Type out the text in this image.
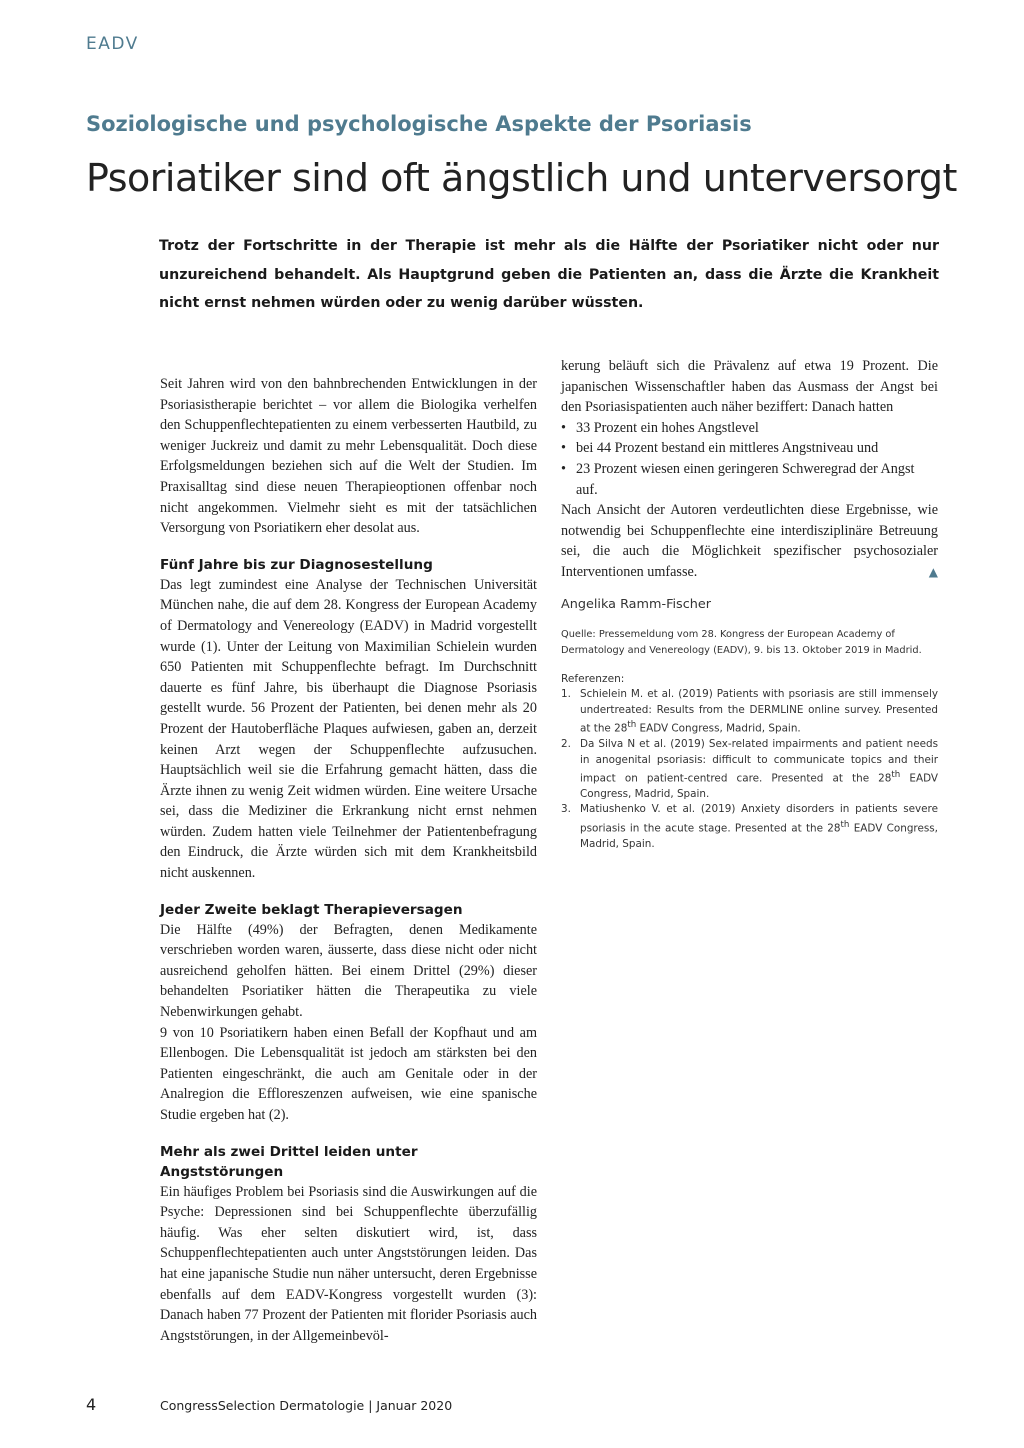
EADV
Soziologische und psychologische Aspekte der Psoriasis
Psoriatiker sind oft ängstlich und unterversorgt

Trotz der Fortschritte in der Therapie ist mehr als die Hälfte der Psoriatiker nicht oder nur unzureichend behandelt. Als Hauptgrund geben die Patienten an, dass die Ärzte die Krankheit nicht ernst nehmen würden oder zu wenig darüber wüssten.

Seit Jahren wird von den bahnbrechenden Entwicklungen in der Psoriasistherapie berichtet – vor allem die Biologika verhelfen den Schuppenflechtepatienten zu einem verbesserten Hautbild, zu weniger Juckreiz und damit zu mehr Lebensqualität. Doch diese Erfolgsmeldungen beziehen sich auf die Welt der Studien. Im Praxisalltag sind diese neuen Therapieoptionen offenbar noch nicht angekommen. Vielmehr sieht es mit der tatsächlichen Versorgung von Psoriatikern eher desolat aus.

Fünf Jahre bis zur Diagnosestellung

Das legt zumindest eine Analyse der Technischen Universität München nahe, die auf dem 28. Kongress der European Academy of Dermatology and Venereology (EADV) in Madrid vorgestellt wurde (1). Unter der Leitung von Maximilian Schielein wurden 650 Patienten mit Schuppenflechte befragt. Im Durchschnitt dauerte es fünf Jahre, bis überhaupt die Diagnose Psoriasis gestellt wurde. 56 Prozent der Patienten, bei denen mehr als 20 Prozent der Hautoberfläche Plaques aufwiesen, gaben an, derzeit keinen Arzt wegen der Schuppenflechte aufzusuchen. Hauptsächlich weil sie die Erfahrung gemacht hätten, dass die Ärzte ihnen zu wenig Zeit widmen würden. Eine weitere Ursache sei, dass die Mediziner die Erkrankung nicht ernst nehmen würden. Zudem hatten viele Teilnehmer der Patientenbefragung den Eindruck, die Ärzte würden sich mit dem Krankheitsbild nicht auskennen.

Jeder Zweite beklagt Therapieversagen

Die Hälfte (49%) der Befragten, denen Medikamente verschrieben worden waren, äusserte, dass diese nicht oder nicht ausreichend geholfen hätten. Bei einem Drittel (29%) dieser behandelten Psoriatiker hätten die Therapeutika zu viele Nebenwirkungen gehabt.

9 von 10 Psoriatikern haben einen Befall der Kopfhaut und am Ellenbogen. Die Lebensqualität ist jedoch am stärksten bei den Patienten eingeschränkt, die auch am Genitale oder in der Analregion die Effloreszenzen aufweisen, wie eine spanische Studie ergeben hat (2).

Mehr als zwei Drittel leiden unter Angststörungen

Ein häufiges Problem bei Psoriasis sind die Auswirkungen auf die Psyche: Depressionen sind bei Schuppenflechte überzufällig häufig. Was eher selten diskutiert wird, ist, dass Schuppenflechtepatienten auch unter Angststörungen leiden. Das hat eine japanische Studie nun näher untersucht, deren Ergebnisse ebenfalls auf dem EADV-Kongress vorgestellt wurden (3): Danach haben 77 Prozent der Patienten mit florider Psoriasis auch Angststörungen, in der Allgemeinbevöl-

kerung beläuft sich die Prävalenz auf etwa 19 Prozent. Die japanischen Wissenschaftler haben das Ausmass der Angst bei den Psoriasispatienten auch näher beziffert: Danach hatten

• 33 Prozent ein hohes Angstlevel
• bei 44 Prozent bestand ein mittleres Angstniveau und
• 23 Prozent wiesen einen geringeren Schweregrad der Angst auf.

Nach Ansicht der Autoren verdeutlichten diese Ergebnisse, wie notwendig bei Schuppenflechte eine interdisziplinäre Betreuung sei, die auch die Möglichkeit spezifischer psychosozialer Interventionen umfasse.	▲

Angelika Ramm-Fischer
Quelle: Pressemeldung vom 28. Kongress der European Academy of Dermatology and Venereology (EADV), 9. bis 13. Oktober 2019 in Madrid.
Referenzen:
1. Schielein M. et al. (2019) Patients with psoriasis are still immensely undertreated: Results from the DERMLINE online survey. Presented at the 28th EADV Congress, Madrid, Spain.
2. Da Silva N et al. (2019) Sex-related impairments and patient needs in anogenital psoriasis: difficult to communicate topics and their impact on patient-centred care. Presented at the 28th EADV Congress, Madrid, Spain.
3. Matiushenko V. et al. (2019) Anxiety disorders in patients severe psoriasis in the acute stage. Presented at the 28th EADV Congress, Madrid, Spain.
4	CongressSelection Dermatologie | Januar 2020
